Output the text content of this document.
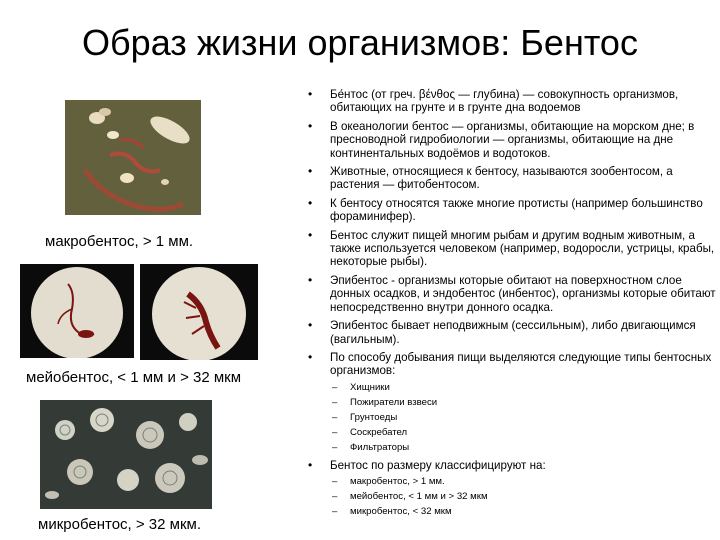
Образ жизни организмов: Бентос
макробентос, > 1 мм.
мейобентос, < 1 мм и > 32 мкм
микробентос, > 32 мкм.
• Бе́нтос (от греч. βένθος — глубина) — совокупность организмов, обитающих на грунте и в грунте дна водоемов
• В океанологии бентос — организмы, обитающие на морском дне; в пресноводной гидробиологии — организмы, обитающие на дне континентальных водоёмов и водотоков.
• Животные, относящиеся к бентосу, называются зообентосом, а растения — фитобентосом.
• К бентосу относятся также многие протисты (например большинство фораминифер).
• Бентос служит пищей многим рыбам и другим водным животным, а также используется человеком (например, водоросли, устрицы, крабы, некоторые рыбы).
• Эпибентос - организмы которые обитают на поверхностном слое донных осадков, и эндобентос (инбентос), организмы которые обитают непосредственно внутри донного осадка.
• Эпибентос бывает неподвижным (сессильным), либо двигающимся (вагильным).
• По способу добывания пищи выделяются следующие типы бентосных организмов:
– Хищники
– Пожиратели взвеси
– Грунтоеды
– Соскребател
– Фильтраторы
• Бентос по размеру классифицируют на:
– макробентос, > 1 мм.
– мейобентос, < 1 мм и > 32 мкм
– микробентос, < 32 мкм
